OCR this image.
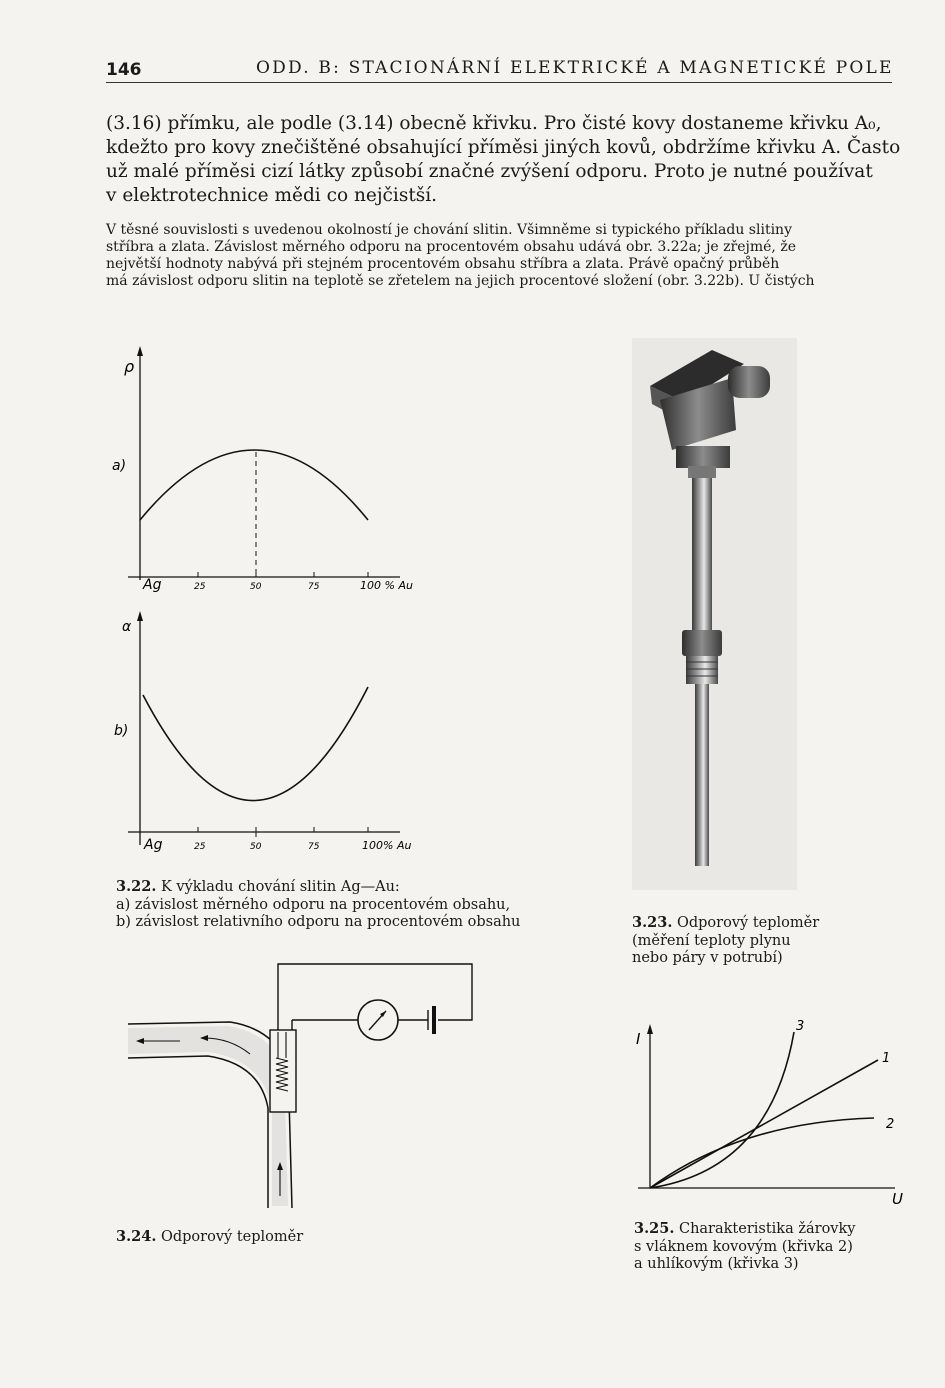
146	ODD. B: STACIONÁRNÍ ELEKTRICKÉ A MAGNETICKÉ POLE
(3.16) přímku, ale podle (3.14) obecně křivku. Pro čisté kovy dostaneme křivku A₀,
kdežto pro kovy znečištěné obsahující příměsi jiných kovů, obdržíme křivku A. Často
už malé příměsi cizí látky způsobí značné zvýšení odporu. Proto je nutné používat
v elektrotechnice mědi co nejčistší.
V těsné souvislosti s uvedenou okolností je chování slitin. Všimněme si typického příkladu slitiny
stříbra a zlata. Závislost měrného odporu na procentovém obsahu udává obr. 3.22a; je zřejmé, že
největší hodnoty nabývá při stejném procentovém obsahu stříbra a zlata. Právě opačný průběh
má závislost odporu slitin na teplotě se zřetelem na jejich procentové složení (obr. 3.22b). U čistých
ρ
a)
Ag	25	50	75	100 % Au
α
b)
Ag	25	50	75	100% Au
3.22. K výkladu chování slitin Ag—Au:
a) závislost měrného odporu na procentovém obsahu,
b) závislost relativního odporu na procentovém obsahu	3.23. Odporový teploměr
(měření teploty plynu
nebo páry v potrubí)
3.24. Odporový teploměr
I
U
1
2
3
3.25. Charakteristika žárovky
s vláknem kovovým (křivka 2)
a uhlíkovým (křivka 3)
